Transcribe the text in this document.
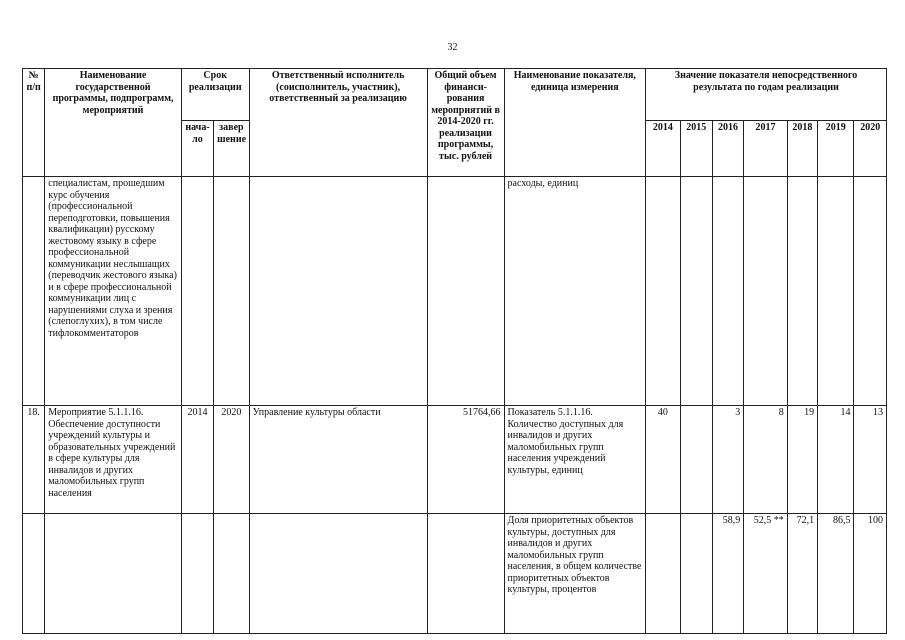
32
№ п/п	Наименование государственной программы, подпрограмм, мероприятий	Срок реализации		Ответственный исполнитель (соисполнитель, участник), ответственный за реализацию	Общий объем финанси-рования мероприятий в 2014-2020 гг. реализации программы, тыс. рублей	Наименование показателя, единица измерения	Значение показателя непосредственного результата по годам реализации						
		нача-ло	завер шение				2014	2015	2016	2017	2018	2019	2020
	специалистам, прошедшим курс обучения (профессиональной переподготовки, повышения квалификации) русскому жестовому языку в сфере профессиональной коммуникации неслышащих (переводчик жестового языка) и в сфере профессиональной коммуникации лиц с нарушениями слуха и зрения (слепоглухих), в том числе тифлокомментаторов					расходы, единиц							
18.	Мероприятие 5.1.1.16. Обеспечение доступности учреждений культуры и образовательных учреждений в сфере культуры для инвалидов и других маломобильных групп населения	2014	2020	Управление культуры области	51764,66	Показатель 5.1.1.16. Количество доступных для инвалидов и других маломобильных групп населения учреждений культуры, единиц	40		3	8	19	14	13
						Доля приоритетных объектов культуры, доступных для инвалидов и других маломобильных групп населения, в общем количестве приоритетных объектов культуры, процентов			58,9	52,5 **	72,1	86,5	100
